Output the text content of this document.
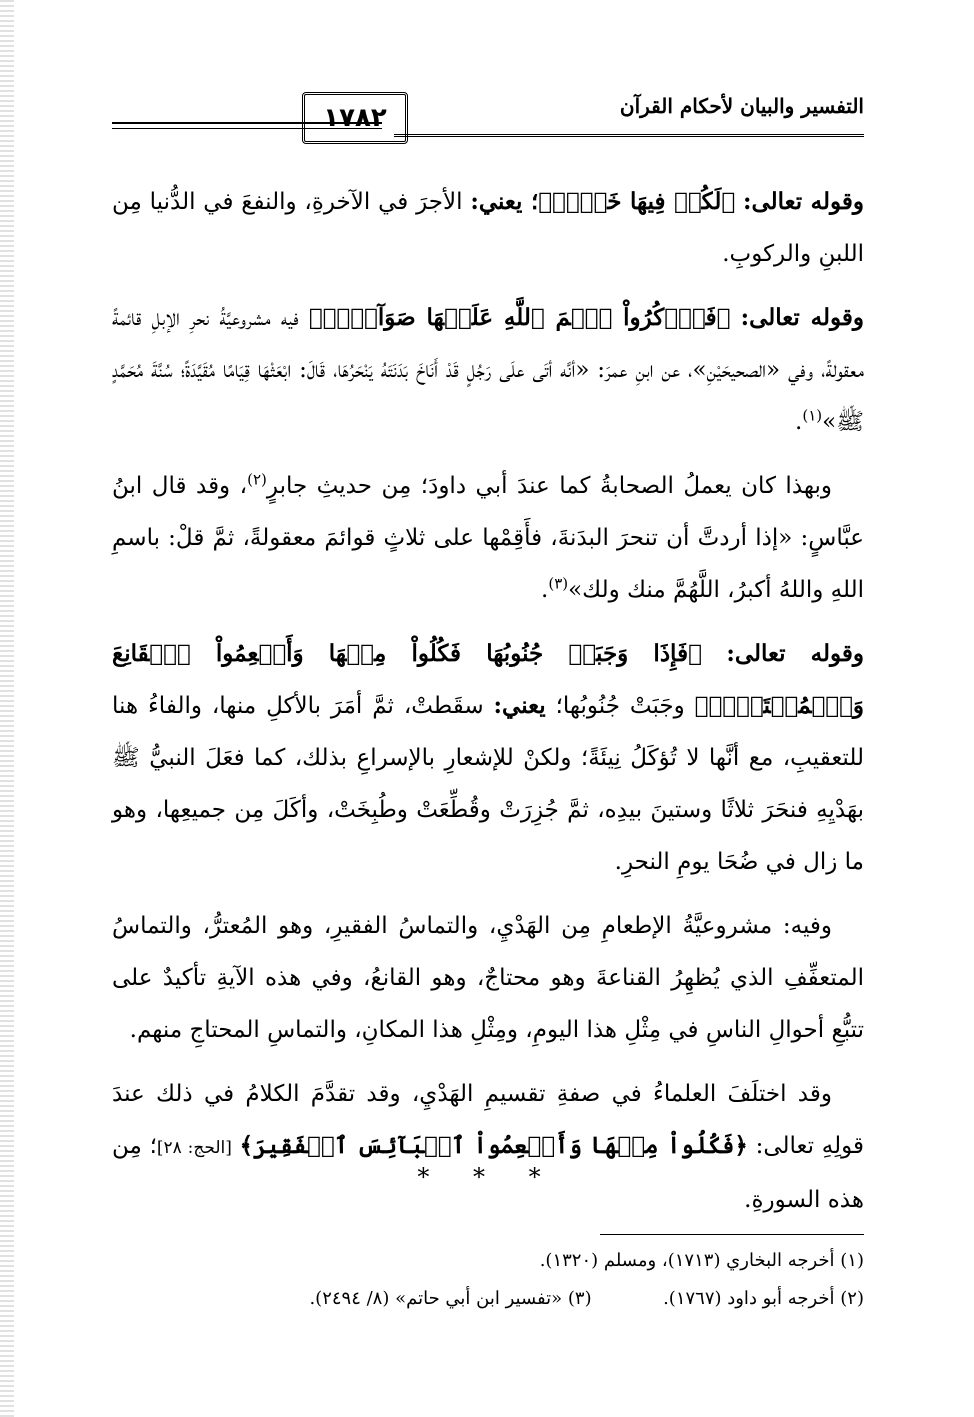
١٧٨٢	التفسير والبيان لأحكام القرآن

وقوله تعالى: ﴿لَكُمۡ فِيهَا خَيۡرٞ﴾؛ يعني: الأجرَ في الآخرةِ، والنفعَ في الدُّنيا مِن اللبنِ والركوبِ.

وقوله تعالى: ﴿فَٱذۡكُرُواْ ٱسۡمَ ٱللَّهِ عَلَيۡهَا صَوَآفَّۖ﴾ فيه مشروعيَّةُ نحرِ الإبلِ قائمةً معقولةً، وفي «الصحيحَيْنِ»، عن ابنِ عمرَ: «أنَّه أتَى علَى رَجُلٍ قَدْ أَنَاخَ بَدَنَتَهُ يَنْحَرُهَا، قَالَ: ابْعَثْهَا قِيَامًا مُقَيَّدَةً؛ سُنَّةَ مُحَمَّدٍ ﷺ»$^{(١)}$.

وبهذا كان يعملُ الصحابةُ كما عندَ أبي داودَ؛ مِن حديثِ جابرٍ$^{(٢)}$، وقد قال ابنُ عبَّاسٍ: «إذا أردتَّ أن تنحرَ البدَنةَ، فأَقِمْها على ثلاثٍ قوائمَ معقولةً، ثمَّ قلْ: باسمِ اللهِ واللهُ أكبرُ، اللَّهُمَّ منك ولك»$^{(٣)}$.

وقوله تعالى: ﴿فَإِذَا وَجَبَتۡ جُنُوبُهَا فَكُلُواْ مِنۡهَا وَأَطۡعِمُواْ ٱلۡقَانِعَ وَٱلۡمُعۡتَرَّۚ﴾ وجَبَتْ جُنُوبُها؛ يعني: سقَطتْ، ثمَّ أمَرَ بالأكلِ منها، والفاءُ هنا للتعقيبِ، مع أنَّها لا تُؤكَلُ نِيئَةً؛ ولكنْ للإشعارِ بالإسراعِ بذلك، كما فعَلَ النبيُّ ﷺ بهَدْيِهِ فنحَرَ ثلاثًا وستينَ بيدِه، ثمَّ جُزِرَتْ وقُطِّعَتْ وطُبِخَتْ، وأكَلَ مِن جميعِها، وهو ما زال في ضُحَا يومِ النحرِ.

وفيه: مشروعيَّةُ الإطعامِ مِن الهَدْيِ، والتماسُ الفقيرِ، وهو المُعترُّ، والتماسُ المتعفِّفِ الذي يُظهِرُ القناعةَ وهو محتاجٌ، وهو القانعُ، وفي هذه الآيةِ تأكيدٌ على تتبُّعِ أحوالِ الناسِ في مِثْلِ هذا اليومِ، ومِثْلِ هذا المكانِ، والتماسِ المحتاجِ منهم.

وقد اختلَفَ العلماءُ في صفةِ تقسيمِ الهَدْيِ، وقد تقدَّمَ الكلامُ في ذلك عندَ قولِهِ تعالى: ﴿فَكُلُواْ مِنۡهَا وَأَطۡعِمُواْ ٱلۡبَآئِسَ ٱلۡفَقِيرَ﴾ [الحج: ٢٨]؛ مِن هذه السورةِ.

* * *
(١) أخرجه البخاري (١٧١٣)، ومسلم (١٣٢٠).
(٢) أخرجه أبو داود (١٧٦٧).  (٣) «تفسير ابن أبي حاتم» (٨/ ٢٤٩٤).
